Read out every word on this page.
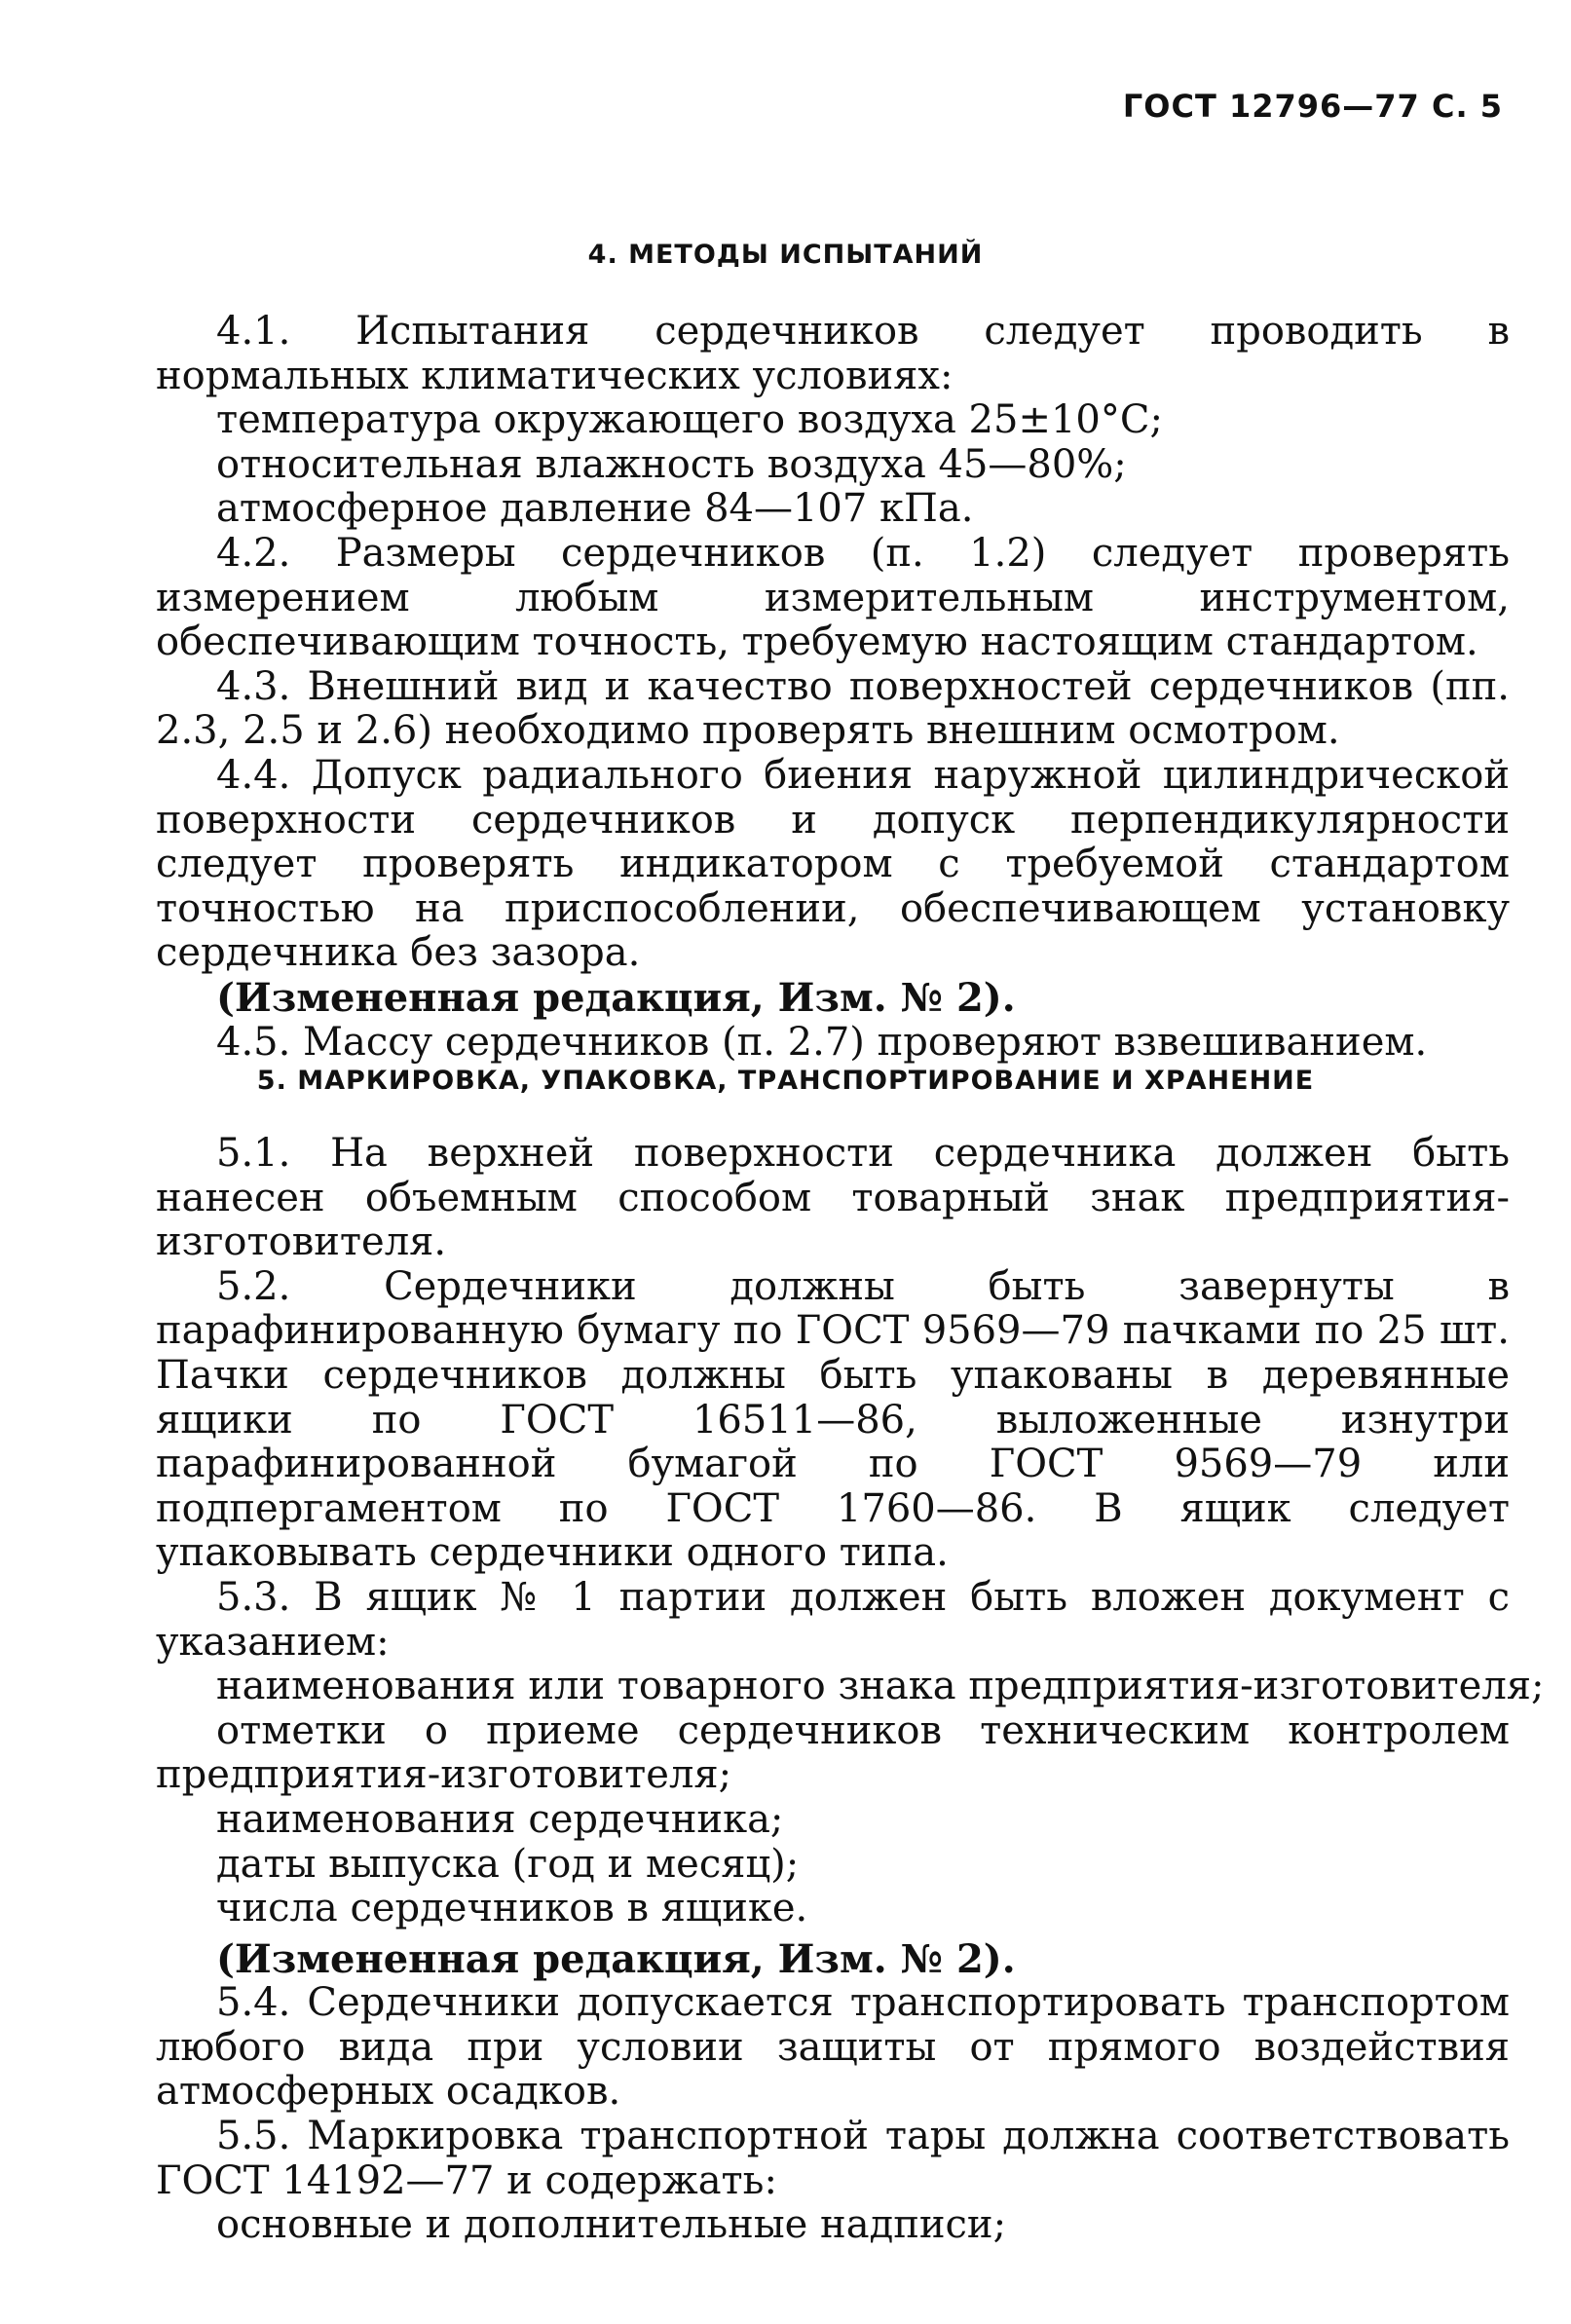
ГОСТ 12796—77 С. 5
4. МЕТОДЫ ИСПЫТАНИЙ
4.1. Испытания сердечников следует проводить в нормальных климатических условиях:
температура окружающего воздуха 25±10°С;
относительная влажность воздуха 45—80%;
атмосферное давление 84—107 кПа.
4.2. Размеры сердечников (п. 1.2) следует проверять измерением любым измерительным инструментом, обеспечивающим точность, требуемую настоящим стандартом.
4.3. Внешний вид и качество поверхностей сердечников (пп. 2.3, 2.5 и 2.6) необходимо проверять внешним осмотром.
4.4. Допуск радиального биения наружной цилиндрической поверхности сердечников и допуск перпендикулярности следует проверять индикатором с требуемой стандартом точностью на приспособлении, обеспечивающем установку сердечника без зазора.
(Измененная редакция, Изм. № 2).
4.5. Массу сердечников (п. 2.7) проверяют взвешиванием.
5. МАРКИРОВКА, УПАКОВКА, ТРАНСПОРТИРОВАНИЕ И ХРАНЕНИЕ
5.1. На верхней поверхности сердечника должен быть нанесен объемным способом товарный знак предприятия-изготовителя.
5.2. Сердечники должны быть завернуты в парафинированную бумагу по ГОСТ 9569—79 пачками по 25 шт. Пачки сердечников должны быть упакованы в деревянные ящики по ГОСТ 16511—86, выложенные изнутри парафинированной бумагой по ГОСТ 9569—79 или подпергаментом по ГОСТ 1760—86. В ящик следует упаковывать сердечники одного типа.
5.3. В ящик № 1 партии должен быть вложен документ с указанием:
наименования или товарного знака предприятия-изготовителя;
отметки о приеме сердечников техническим контролем предприятия-изготовителя;
наименования сердечника;
даты выпуска (год и месяц);
числа сердечников в ящике.
(Измененная редакция, Изм. № 2).
5.4. Сердечники допускается транспортировать транспортом любого вида при условии защиты от прямого воздействия атмосферных осадков.
5.5. Маркировка транспортной тары должна соответствовать ГОСТ 14192—77 и содержать:
основные и дополнительные надписи;
